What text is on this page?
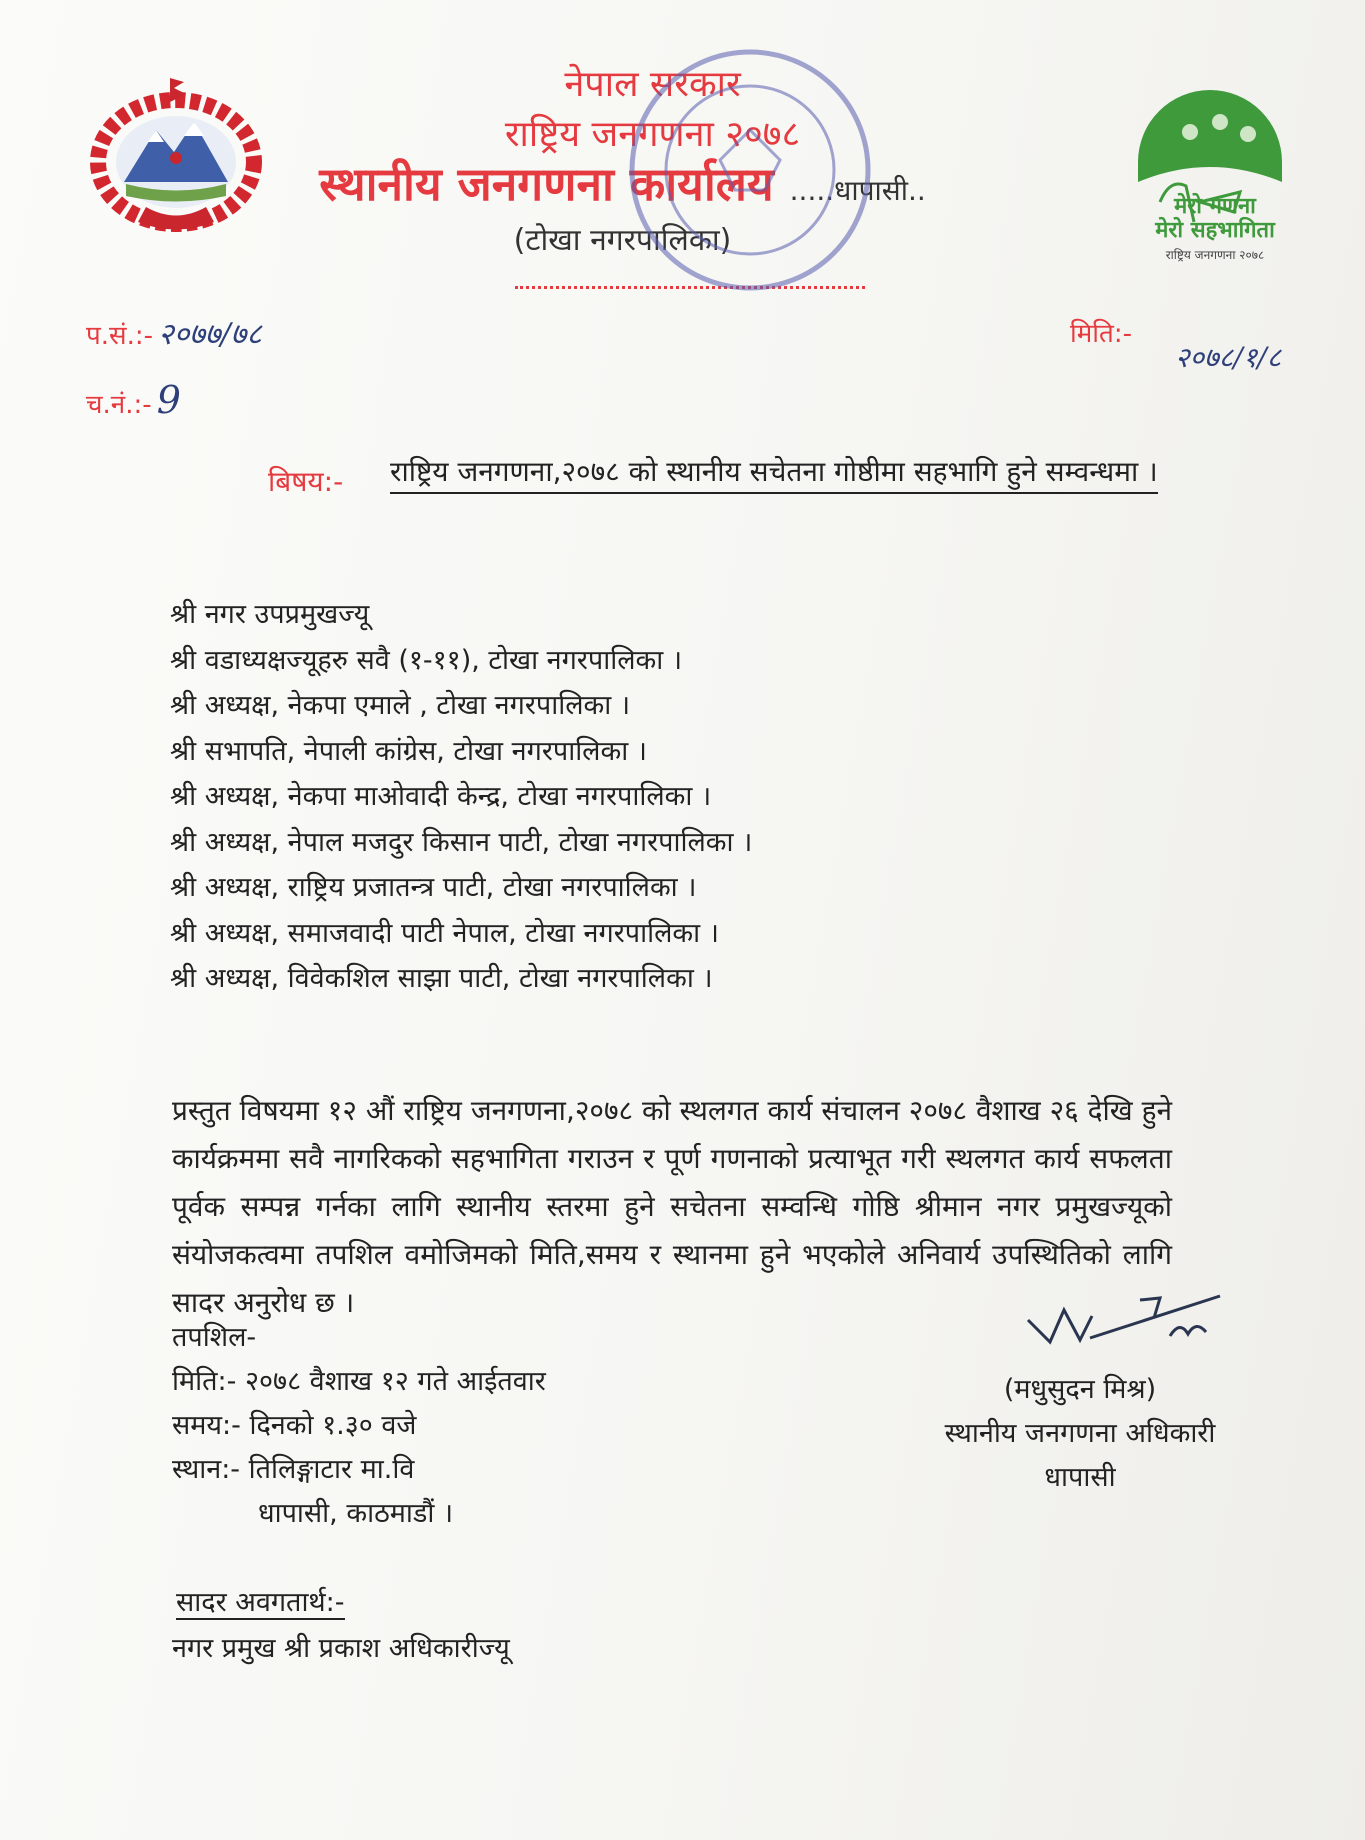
नेपाल सरकार
राष्ट्रिय जनगणना २०७८
स्थानीय जनगणना कार्यालय .....धापासी..
(टोखा नगरपालिका)
मेरो गणना
मेरो सहभागिता
राष्ट्रिय जनगणना २०७८
प.सं.:- २०७७/७८
च.नं.:- 9
मिति:-
२०७८/१/८
बिषय:- राष्ट्रिय जनगणना,२०७८ को स्थानीय सचेतना गोष्ठीमा सहभागि हुने सम्वन्धमा ।
श्री नगर उपप्रमुखज्यू
श्री वडाध्यक्षज्यूहरु सवै (१-११), टोखा नगरपालिका ।
श्री अध्यक्ष, नेकपा एमाले , टोखा नगरपालिका ।
श्री सभापति, नेपाली कांग्रेस, टोखा नगरपालिका ।
श्री अध्यक्ष, नेकपा माओवादी केन्द्र, टोखा नगरपालिका ।
श्री अध्यक्ष, नेपाल मजदुर किसान पाटी, टोखा नगरपालिका ।
श्री अध्यक्ष, राष्ट्रिय प्रजातन्त्र पाटी, टोखा नगरपालिका ।
श्री अध्यक्ष, समाजवादी पाटी नेपाल, टोखा नगरपालिका ।
श्री अध्यक्ष, विवेकशिल साझा पाटी, टोखा नगरपालिका ।
प्रस्तुत विषयमा १२ औं राष्ट्रिय जनगणना,२०७८ को स्थलगत कार्य संचालन २०७८ वैशाख २६ देखि हुने कार्यक्रममा सवै नागरिकको सहभागिता गराउन र पूर्ण गणनाको प्रत्याभूत गरी स्थलगत कार्य सफलता पूर्वक सम्पन्न गर्नका लागि स्थानीय स्तरमा हुने सचेतना सम्वन्धि गोष्ठि श्रीमान नगर प्रमुखज्यूको संयोजकत्वमा तपशिल वमोजिमको मिति,समय र स्थानमा हुने भएकोले अनिवार्य उपस्थितिको लागि सादर अनुरोध छ ।
तपशिल-
मिति:- २०७८ वैशाख १२ गते आईतवार
समय:- दिनको १.३० वजे
स्थान:- तिलिङ्गाटार मा.वि
धापासी, काठमाडौं ।
(मधुसुदन मिश्र)
स्थानीय जनगणना अधिकारी
धापासी
सादर अवगतार्थ:-
नगर प्रमुख श्री प्रकाश अधिकारीज्यू
